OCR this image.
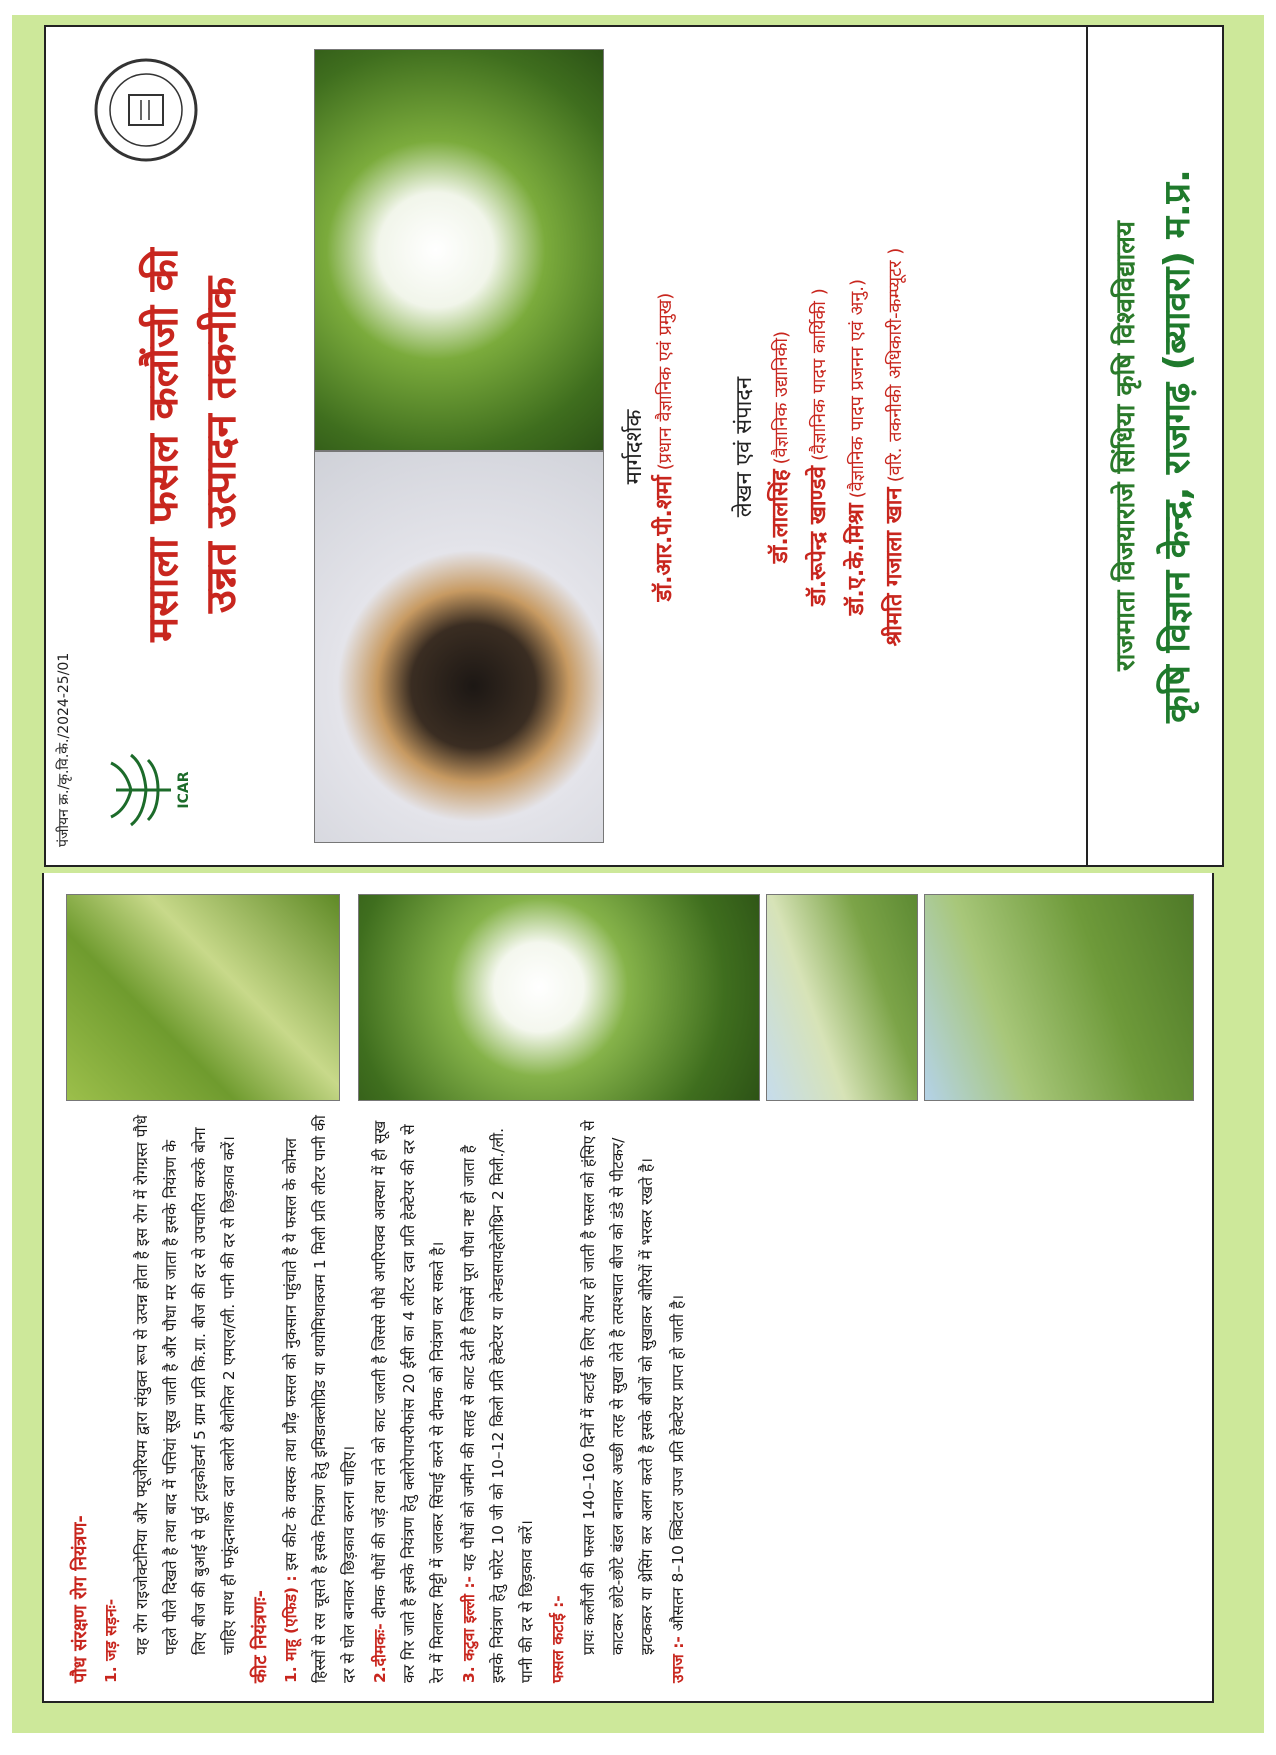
पौध संरक्षण रोग नियंत्रण- 1. जड़ सड़नः- यह रोग राइजोक्टोनिया और फ्यूजेरियम द्वारा संयुक्त रूप से उत्पन्न होता है इस रोग में रोगग्रस्त पौधे पहले पीले दिखते है तथा बाद में पत्तियां सूख जाती है और पौधा मर जाता है इसके नियंत्रण के लिए बीज की बुआई से पूर्व ट्राइकोडर्मा 5 ग्राम प्रति कि.ग्रा. बीज की दर से उपचारित करके बोना चाहिए साथ ही फफूंदनाशक दवा क्लोरो थैलोनिल 2 एमएल/ली. पानी की दर से छिड़काव करें। कीट नियंत्रणः- 1. माहू (एफिड) : इस कीट के वयस्क तथा प्रौढ़ फसल को नुकसान पहुंचाते है ये फसल के कोमल हिस्सों से रस चूसते है इसके नियंत्रण हेतु इमिडाक्लोप्रिड या थायोमिथाक्जम 1 मिली प्रति लीटर पानी की दर से घोल बनाकर छिड़काव करना चाहिए। 2.दीमकः- दीमक पौधों की जड़ें तथा तने को काट जलती है जिससे पौधे अपरिपक्व अवस्था में ही सूख कर गिर जाते है इसके नियंत्रण हेतु क्लोरोपायरीफांस 20 ईसी का 4 लीटर दवा प्रति हेक्टेयर की दर से रेत में मिलाकर मिट्टी में जलकर सिंचाई करने से दीमक को नियंत्रण कर सकते है। 3. कटुवा इल्ली :- यह पौधों को जमीन की सतह से काट देती है जिसमें पूरा पौधा नष्ट हो जाता है इसके नियंत्रण हेतु फोरेट 10 जी को 10–12 किलो प्रति हेक्टेयर या लेम्डासायहेलोथ्रिन 2 मिली./ली. पानी की दर से छिड़काव करें। फसल कटाई :- प्रायः कलौंजी की फसल 140–160 दिनों में कटाई के लिए तैयार हो जाती है फसल को हंसिए से काटकर छोटे-छोटे बंडल बनाकर अच्छी तरह से सुखा लेते है तत्पश्चात बीज को डंडे से पीटकर/झटककर या थ्रेसिंग कर अलग करते है इसके बीजों को सुखाकर बोरियों में भरकर रखते है।

उपज :- औसतन 8–10 क्विंटल उपज प्रति हेक्टेयर प्राप्त हो जाती है।

पंजीयन क्र./कृ.वि.के./2024-25/01	ICAR
मसाला फसल कलौंजी की उन्नत उत्पादन तकनीक	मार्गदर्शक
डॉ.आर.पी.शर्मा (प्रधान वैज्ञानिक एवं प्रमुख)	लेखन एवं संपादन डॉ.लालसिंह (वैज्ञानिक उद्यानिकी)
डॉ.रूपेन्द्र खाण्डवे (वैज्ञानिक पादप कार्यिकी )
डॉ.ए.के.मिश्रा (वैज्ञानिक पादप प्रजनन एवं अनु.)
श्रीमति गजाला खान (वरि. तकनीकी अधिकारी-कम्प्यूटर )	राजमाता विजयाराजे सिंधिया कृषि विश्वविद्यालय कृषि विज्ञान केन्द्र, राजगढ़ (ब्यावरा) म.प्र.
